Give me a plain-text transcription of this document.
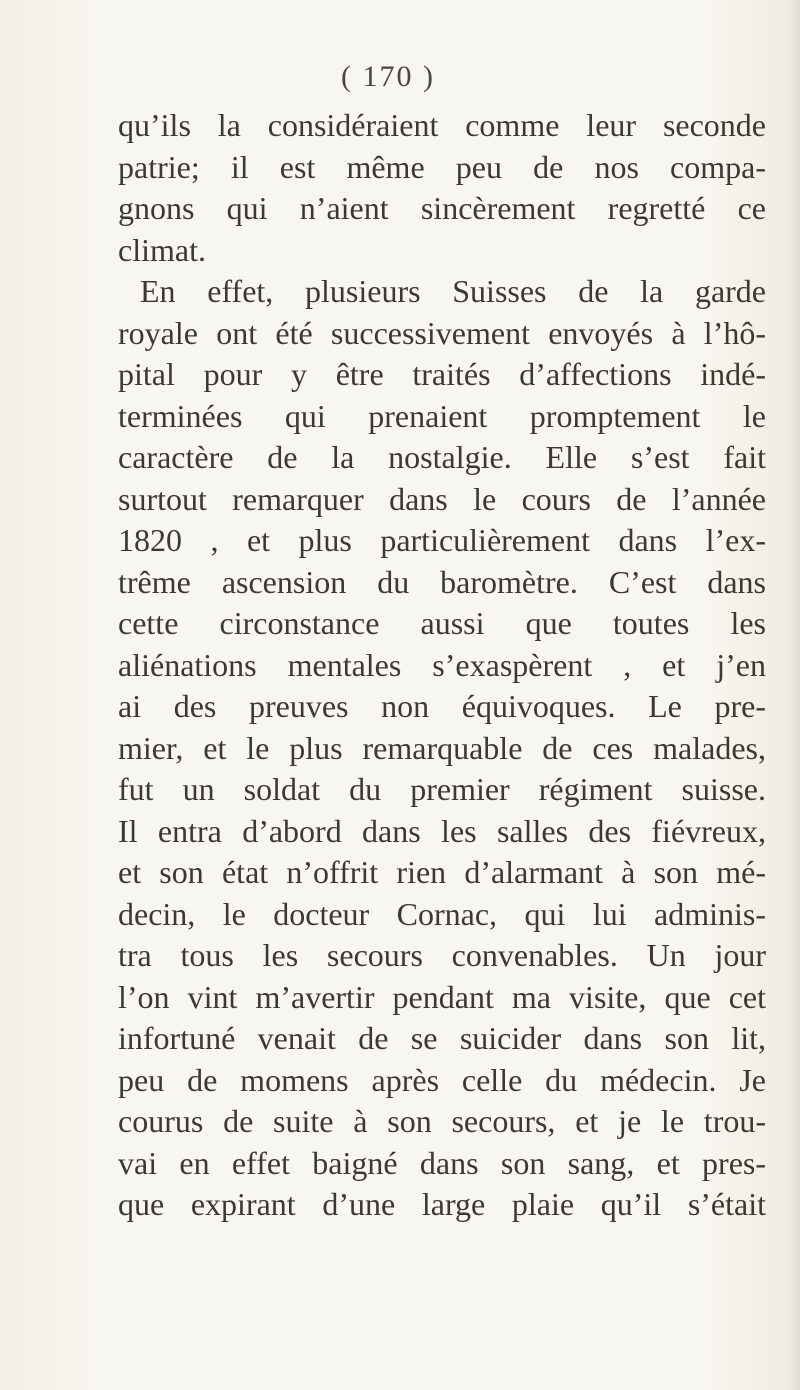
( 170 )
qu’ils la considéraient comme leur seconde
patrie; il est même peu de nos compa-
gnons qui n’aient sincèrement regretté ce
climat.
En effet, plusieurs Suisses de la garde
royale ont été successivement envoyés à l’hô-
pital pour y être traités d’affections indé-
terminées qui prenaient promptement le
caractère de la nostalgie. Elle s’est fait
surtout remarquer dans le cours de l’année
1820 , et plus particulièrement dans l’ex-
trême ascension du baromètre. C’est dans
cette circonstance aussi que toutes les
aliénations mentales s’exaspèrent , et j’en
ai des preuves non équivoques. Le pre-
mier, et le plus remarquable de ces malades,
fut un soldat du premier régiment suisse.
Il entra d’abord dans les salles des fiévreux,
et son état n’offrit rien d’alarmant à son mé-
decin, le docteur Cornac, qui lui adminis-
tra tous les secours convenables. Un jour
l’on vint m’avertir pendant ma visite, que cet
infortuné venait de se suicider dans son lit,
peu de momens après celle du médecin. Je
courus de suite à son secours, et je le trou-
vai en effet baigné dans son sang, et pres-
que expirant d’une large plaie qu’il s’était
